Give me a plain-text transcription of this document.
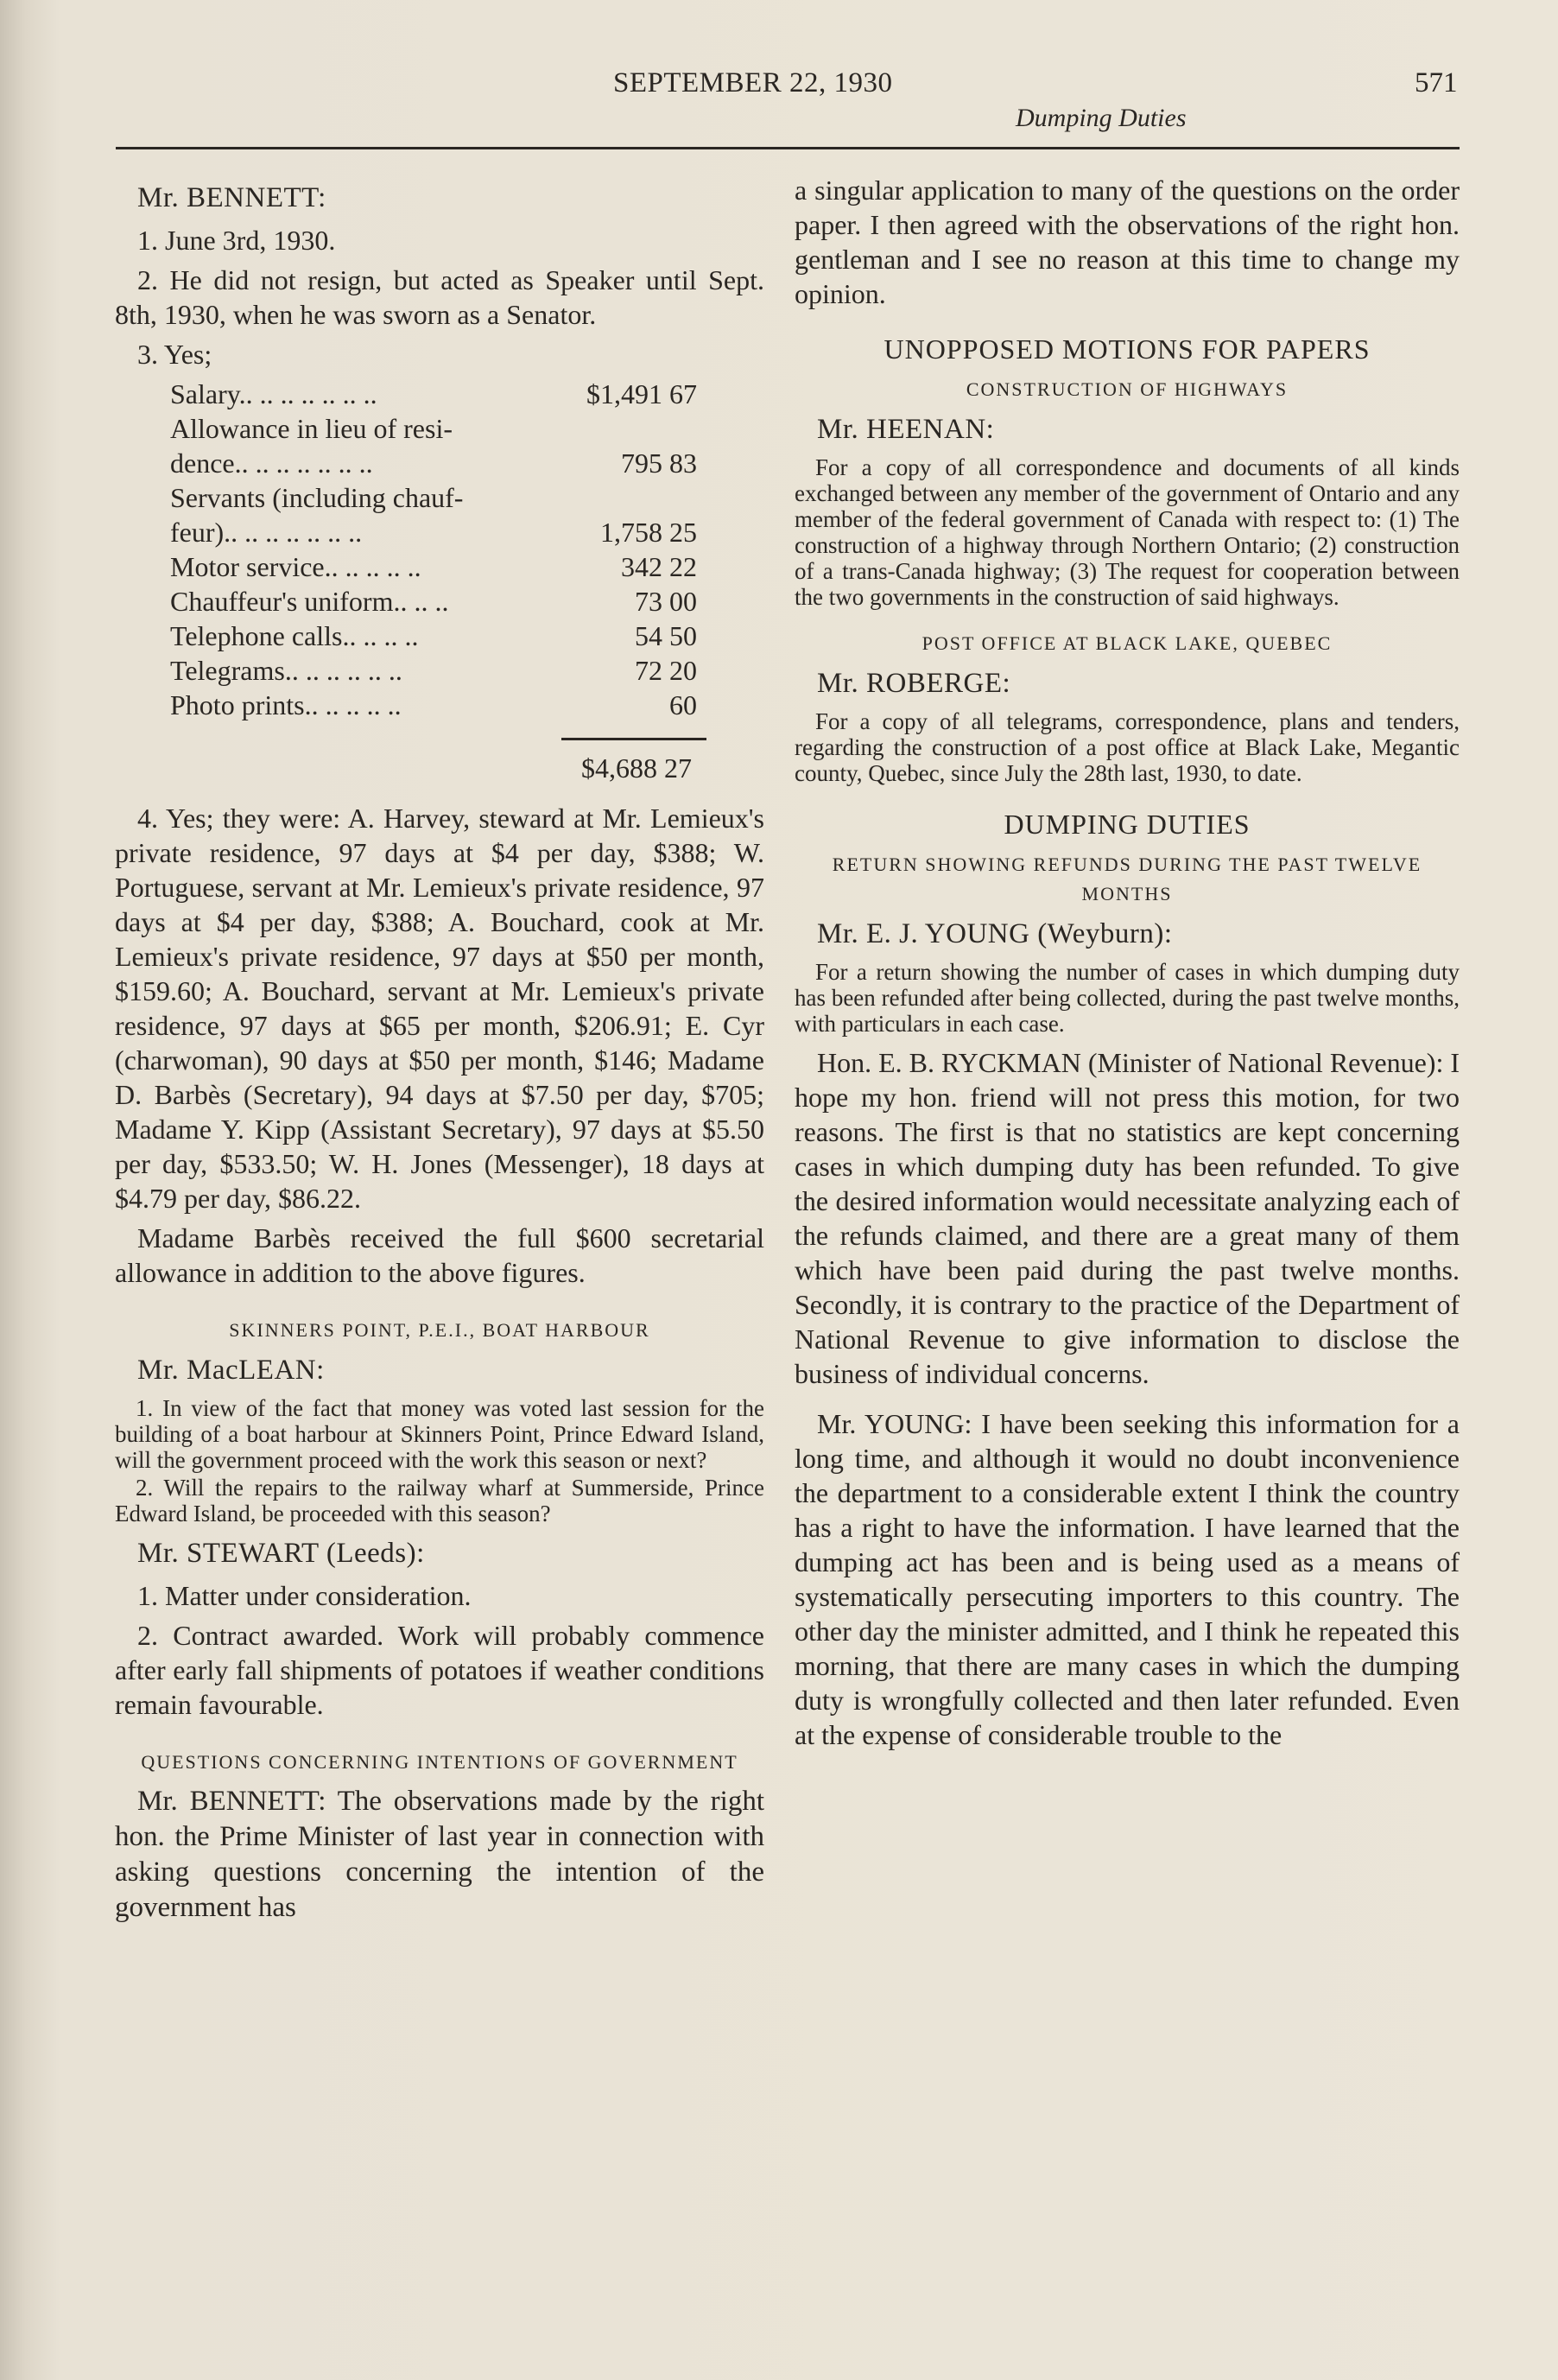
SEPTEMBER 22, 1930	571
Dumping Duties
Mr. BENNETT:

1. June 3rd, 1930.

2. He did not resign, but acted as Speaker until Sept. 8th, 1930, when he was sworn as a Senator.

3. Yes;

Salary.. .. .. .. .. .. ..	$1,491 67
Allowance in lieu of resi-	
dence.. .. .. .. .. .. ..	795 83
Servants (including chauf-	
feur).. .. .. .. .. .. ..	1,758 25
Motor service.. .. .. .. ..	342 22
Chauffeur's uniform.. .. ..	73 00
Telephone calls.. .. .. ..	54 50
Telegrams.. .. .. .. .. ..	72 20
Photo prints.. .. .. .. ..	60
$4,688 27

4. Yes; they were: A. Harvey, steward at Mr. Lemieux's private residence, 97 days at $4 per day, $388; W. Portuguese, servant at Mr. Lemieux's private residence, 97 days at $4 per day, $388; A. Bouchard, cook at Mr. Lemieux's private residence, 97 days at $50 per month, $159.60; A. Bouchard, servant at Mr. Lemieux's private residence, 97 days at $65 per month, $206.91; E. Cyr (charwoman), 90 days at $50 per month, $146; Madame D. Barbès (Secretary), 94 days at $7.50 per day, $705; Madame Y. Kipp (Assistant Secretary), 97 days at $5.50 per day, $533.50; W. H. Jones (Messenger), 18 days at $4.79 per day, $86.22.

Madame Barbès received the full $600 secretarial allowance in addition to the above figures.

SKINNERS POINT, P.E.I., BOAT HARBOUR
Mr. MacLEAN:

1. In view of the fact that money was voted last session for the building of a boat harbour at Skinners Point, Prince Edward Island, will the government proceed with the work this season or next?

2. Will the repairs to the railway wharf at Summerside, Prince Edward Island, be proceeded with this season?

Mr. STEWART (Leeds):

1. Matter under consideration.

2. Contract awarded. Work will probably commence after early fall shipments of potatoes if weather conditions remain favourable.

QUESTIONS CONCERNING INTENTIONS OF GOVERNMENT

Mr. BENNETT: The observations made by the right hon. the Prime Minister of last year in connection with asking questions concerning the intention of the government has

a singular application to many of the questions on the order paper. I then agreed with the observations of the right hon. gentleman and I see no reason at this time to change my opinion.

UNOPPOSED MOTIONS FOR PAPERS
CONSTRUCTION OF HIGHWAYS
Mr. HEENAN:

For a copy of all correspondence and documents of all kinds exchanged between any member of the government of Ontario and any member of the federal government of Canada with respect to: (1) The construction of a highway through Northern Ontario; (2) construction of a trans-Canada highway; (3) The request for cooperation between the two governments in the construction of said highways.

POST OFFICE AT BLACK LAKE, QUEBEC
Mr. ROBERGE:

For a copy of all telegrams, correspondence, plans and tenders, regarding the construction of a post office at Black Lake, Megantic county, Quebec, since July the 28th last, 1930, to date.

DUMPING DUTIES
RETURN SHOWING REFUNDS DURING THE PAST TWELVE MONTHS
Mr. E. J. YOUNG (Weyburn):

For a return showing the number of cases in which dumping duty has been refunded after being collected, during the past twelve months, with particulars in each case.

Hon. E. B. RYCKMAN (Minister of National Revenue): I hope my hon. friend will not press this motion, for two reasons. The first is that no statistics are kept concerning cases in which dumping duty has been refunded. To give the desired information would necessitate analyzing each of the refunds claimed, and there are a great many of them which have been paid during the past twelve months. Secondly, it is contrary to the practice of the Department of National Revenue to give information to disclose the business of individual concerns.

Mr. YOUNG: I have been seeking this information for a long time, and although it would no doubt inconvenience the department to a considerable extent I think the country has a right to have the information. I have learned that the dumping act has been and is being used as a means of systematically persecuting importers to this country. The other day the minister admitted, and I think he repeated this morning, that there are many cases in which the dumping duty is wrongfully collected and then later refunded. Even at the expense of considerable trouble to the
